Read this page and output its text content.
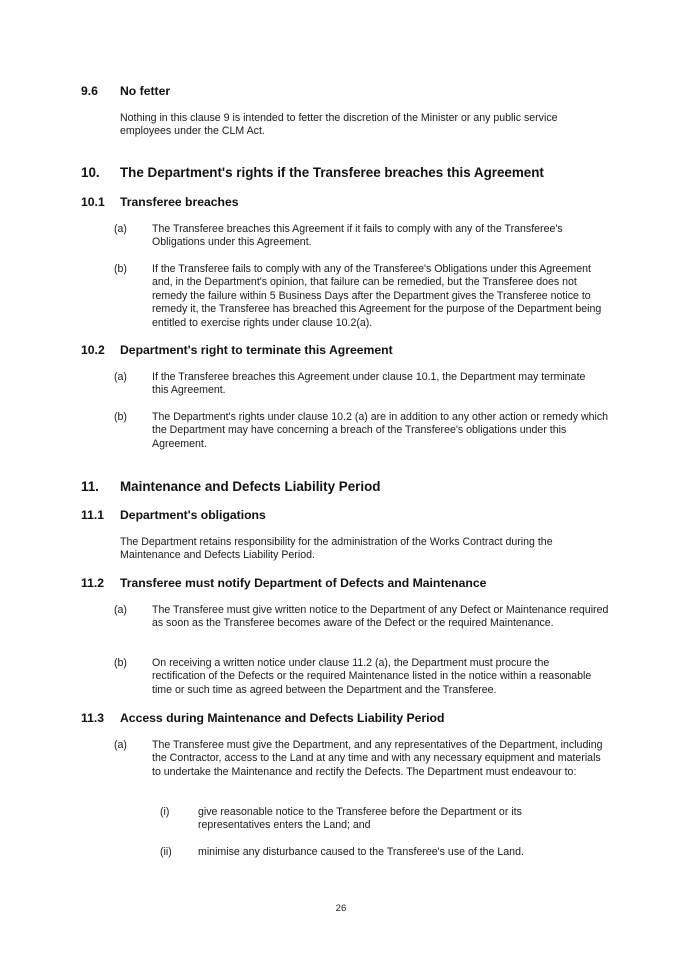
9.6 No fetter
Nothing in this clause 9 is intended to fetter the discretion of the Minister or any public service employees under the CLM Act.
10. The Department's rights if the Transferee breaches this Agreement
10.1 Transferee breaches
(a) The Transferee breaches this Agreement if it fails to comply with any of the Transferee's Obligations under this Agreement.
(b) If the Transferee fails to comply with any of the Transferee's Obligations under this Agreement and, in the Department's opinion, that failure can be remedied, but the Transferee does not remedy the failure within 5 Business Days after the Department gives the Transferee notice to remedy it, the Transferee has breached this Agreement for the purpose of the Department being entitled to exercise rights under clause 10.2(a).
10.2 Department's right to terminate this Agreement
(a) If the Transferee breaches this Agreement under clause 10.1, the Department may terminate this Agreement.
(b) The Department's rights under clause 10.2 (a) are in addition to any other action or remedy which the Department may have concerning a breach of the Transferee's obligations under this Agreement.
11. Maintenance and Defects Liability Period
11.1 Department's obligations
The Department retains responsibility for the administration of the Works Contract during the Maintenance and Defects Liability Period.
11.2 Transferee must notify Department of Defects and Maintenance
(a) The Transferee must give written notice to the Department of any Defect or Maintenance required as soon as the Transferee becomes aware of the Defect or the required Maintenance.
(b) On receiving a written notice under clause 11.2 (a), the Department must procure the rectification of the Defects or the required Maintenance listed in the notice within a reasonable time or such time as agreed between the Department and the Transferee.
11.3 Access during Maintenance and Defects Liability Period
(a) The Transferee must give the Department, and any representatives of the Department, including the Contractor, access to the Land at any time and with any necessary equipment and materials to undertake the Maintenance and rectify the Defects. The Department must endeavour to:
(i)	give reasonable notice to the Transferee before the Department or its representatives enters the Land; and
(ii) minimise any disturbance caused to the Transferee's use of the Land.
26
